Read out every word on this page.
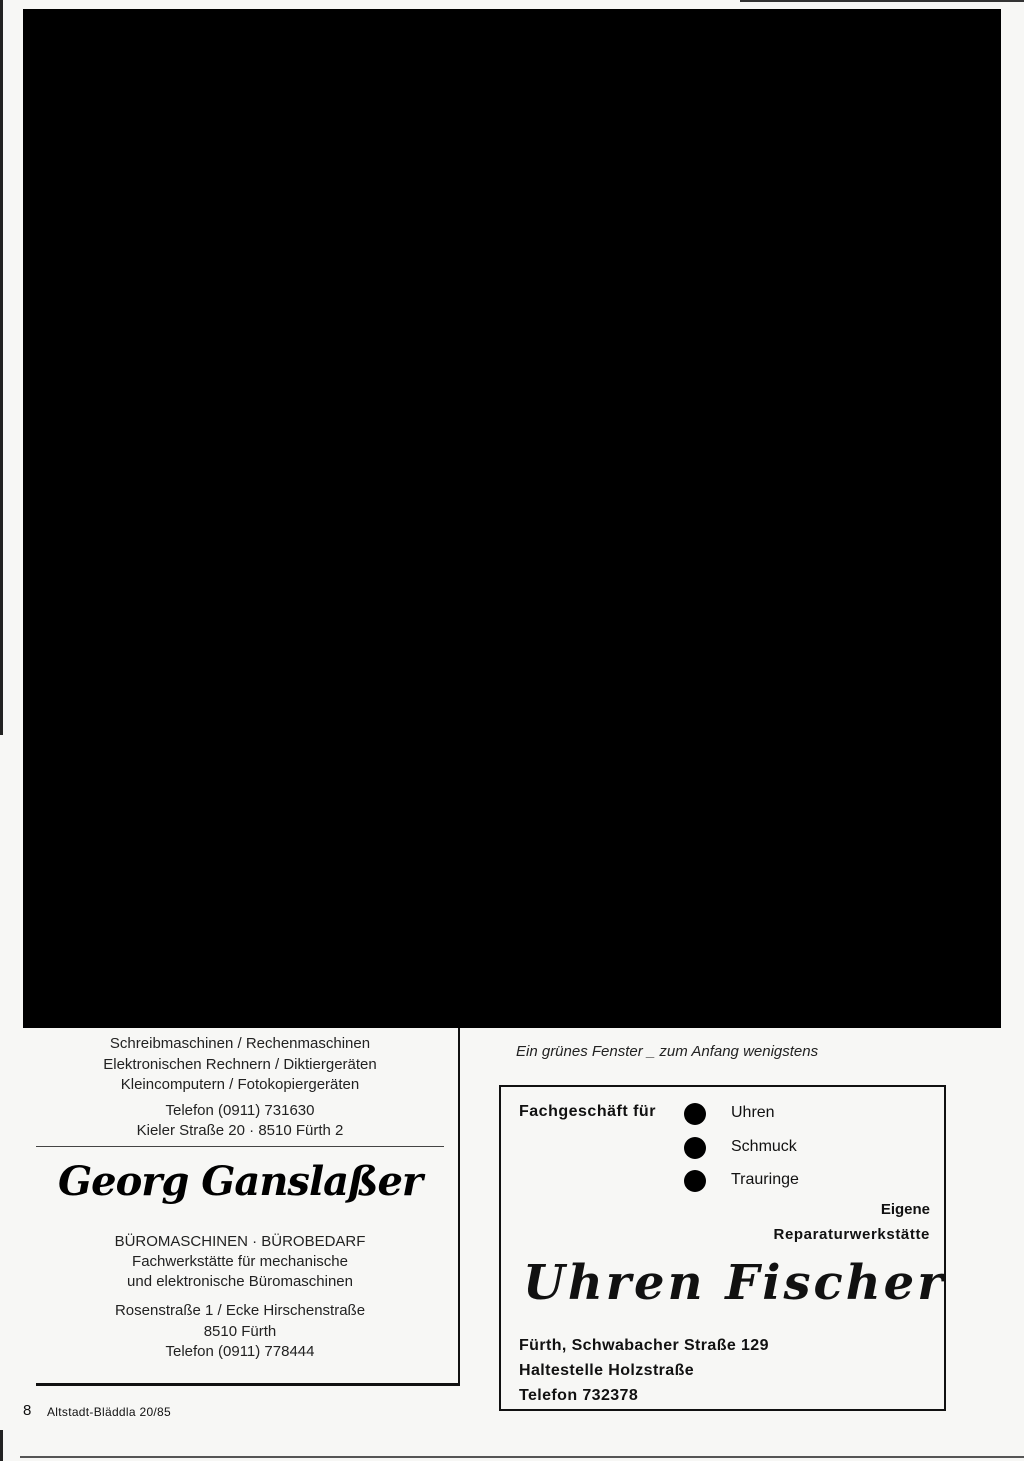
Schreibmaschinen / Rechenmaschinen
Elektronischen Rechnern / Diktiergeräten
Kleincomputern / Fotokopiergeräten
Telefon (0911) 731630
Kieler Straße 20 · 8510 Fürth 2
Georg Ganslaßer
BÜROMASCHINEN · BÜROBEDARF
Fachwerkstätte für mechanische
und elektronische Büromaschinen
Rosenstraße 1 / Ecke Hirschenstraße
8510 Fürth
Telefon (0911) 778444
Ein grünes Fenster _ zum Anfang wenigstens
Fachgeschäft für	Uhren
Schmuck
Trauringe
Eigene
Reparaturwerkstätte
Uhren Fischer
Fürth, Schwabacher Straße 129
Haltestelle Holzstraße
Telefon 732378
8 Altstadt-Bläddla 20/85
